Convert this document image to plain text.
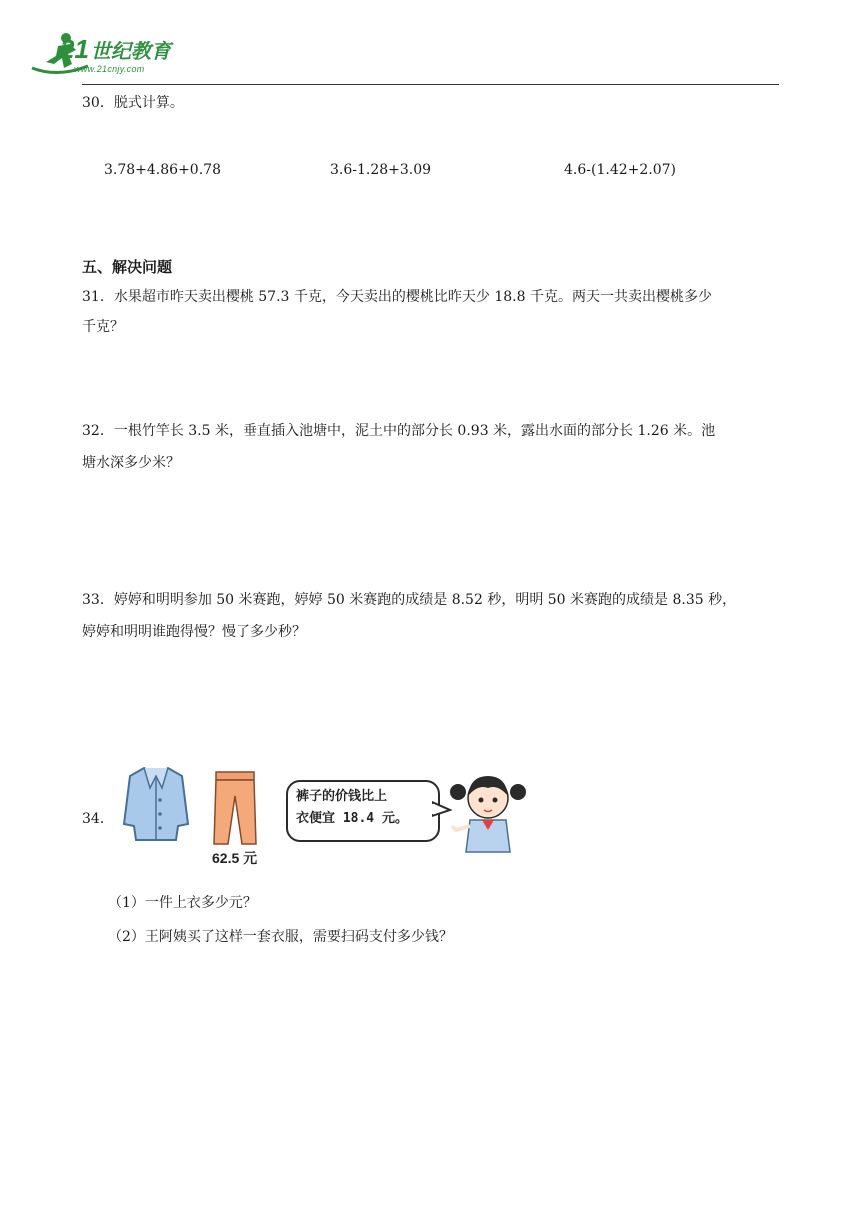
21 世纪教育
www.21cnjy.com
30．脱式计算。
3.78+4.86+0.78	3.6-1.28+3.09	4.6-(1.42+2.07)
五、解决问题
31．水果超市昨天卖出樱桃 57.3 千克，今天卖出的樱桃比昨天少 18.8 千克。两天一共卖出樱桃多少
千克？
32．一根竹竿长 3.5 米，垂直插入池塘中，泥土中的部分长 0.93 米，露出水面的部分长 1.26 米。池
塘水深多少米？
33．婷婷和明明参加 50 米赛跑，婷婷 50 米赛跑的成绩是 8.52 秒，明明 50 米赛跑的成绩是 8.35 秒，
婷婷和明明谁跑得慢？慢了多少秒？
34．
62.5 元
裤子的价钱比上
衣便宜 18.4 元。
（1）一件上衣多少元？
（2）王阿姨买了这样一套衣服，需要扫码支付多少钱？
